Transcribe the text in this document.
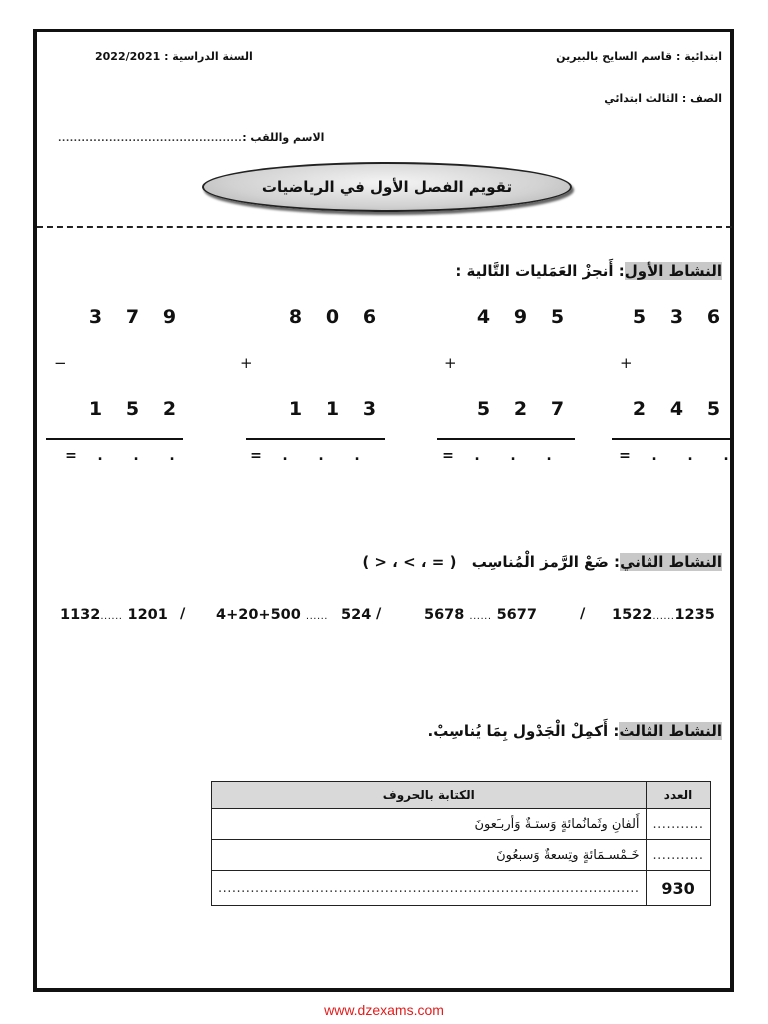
ابتدائية : قاسم السايح بالبيرين
السنة الدراسية : 2022/2021
الصف : الثالث ابتدائي
...............................................الاسم واللقب :
تقويم الفصل الأول في الرياضيات
النشاط الأول: أَنجزْ العَمَليات التَّالية :
5 3 6
+
2 4 5
= . . .
4 9 5
+
5 2 7
= . . .
8 0 6
+
1 1 3
= . . .
3 7 9
−
1 5 2
= . . .
النشاط الثاني: ضَعْ الرَّمز الْمُناسِب ( > ، < ، = )
1522......1235
/
5678 ...... 5677
/
4+20+500 ...... 524
/
1132...... 1201
النشاط الثالث: أَكمِلْ الْجَدْول بِمَا يُناسِبْ.
العدد	الكتابة بالحروف
...........	أَلفانِ وثَمانُمائةٍ وَستـةٌ وَأربـَعونَ
...........	خَـمْسـمَائةٍ وتِسعةٌ وَسبعُونَ
930	...........................................................................................
www.dzexams.com
